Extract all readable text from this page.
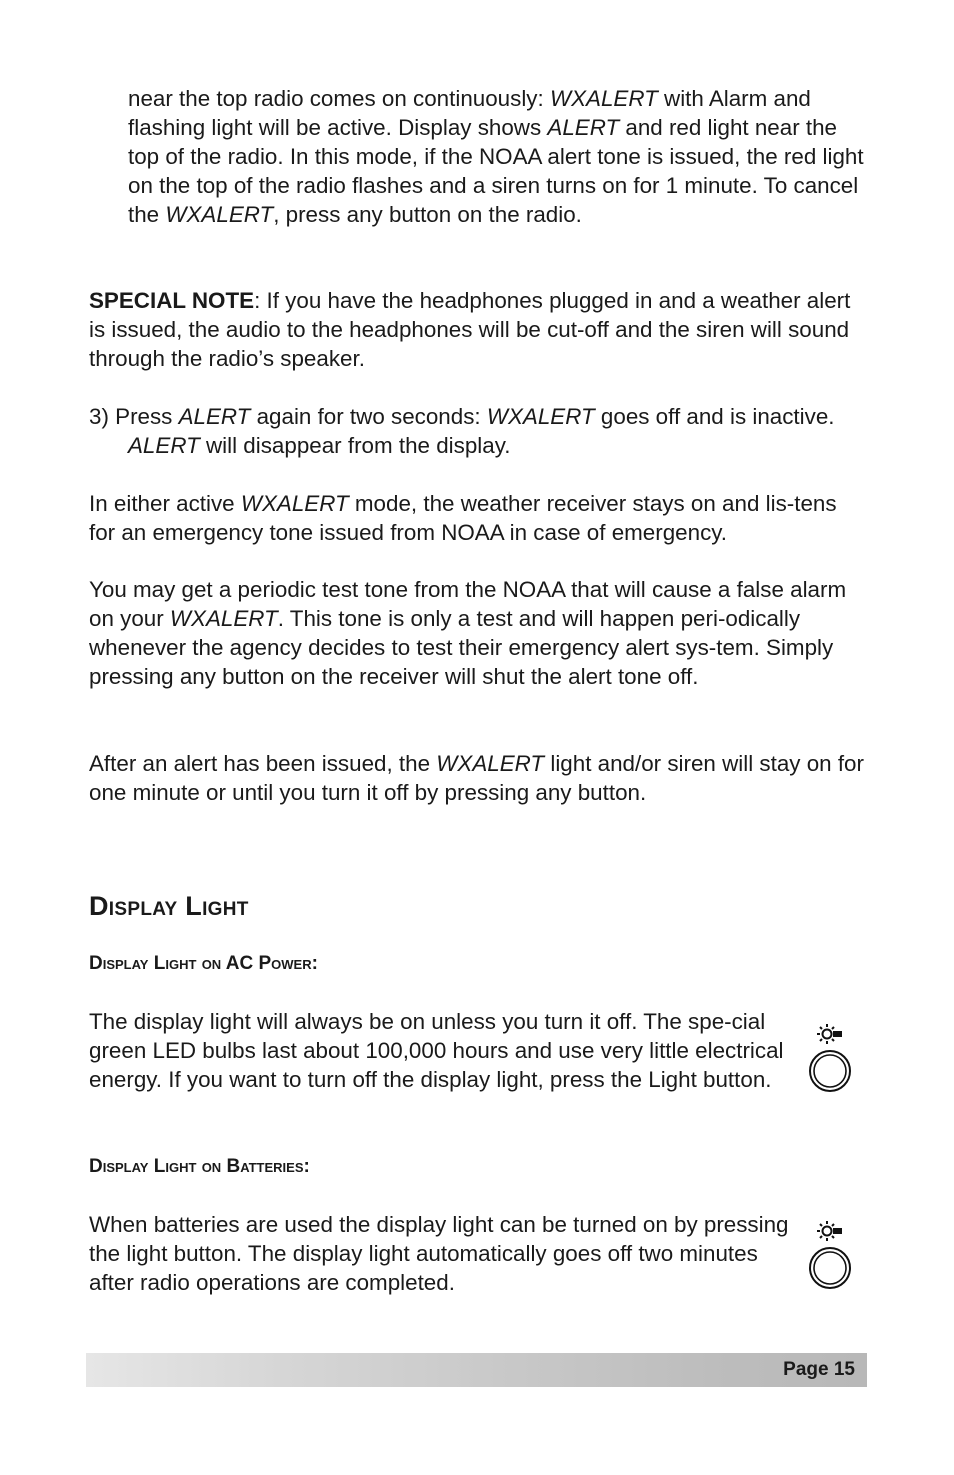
near the top radio comes on continuously: WXALERT with Alarm and flashing light will be active. Display shows ALERT and red light near the top of the radio. In this mode, if the NOAA alert tone is issued, the red light on the top of the radio flashes and a siren turns on for 1 minute. To cancel the WXALERT, press any button on the radio.

SPECIAL NOTE: If you have the headphones plugged in and a weather alert is issued, the audio to the headphones will be cut-off and the siren will sound through the radio’s speaker.

3) Press ALERT again for two seconds: WXALERT goes off and is inactive. ALERT will disappear from the display.

In either active WXALERT mode, the weather receiver stays on and lis-tens for an emergency tone issued from NOAA in case of emergency.

You may get a periodic test tone from the NOAA that will cause a false alarm on your WXALERT. This tone is only a test and will happen peri-odically whenever the agency decides to test their emergency alert sys-tem. Simply pressing any button on the receiver will shut the alert tone off.

After an alert has been issued, the WXALERT light and/or siren will stay on for one minute or until you turn it off by pressing any button.

Display Light
Display Light on AC Power:

The display light will always be on unless you turn it off. The spe-cial green LED bulbs last about 100,000 hours and use very little electrical energy. If you want to turn off the display light, press the Light button.

Display Light on Batteries:

When batteries are used the display light can be turned on by pressing the light button. The display light automatically goes off two minutes after radio operations are completed.

Page 15
